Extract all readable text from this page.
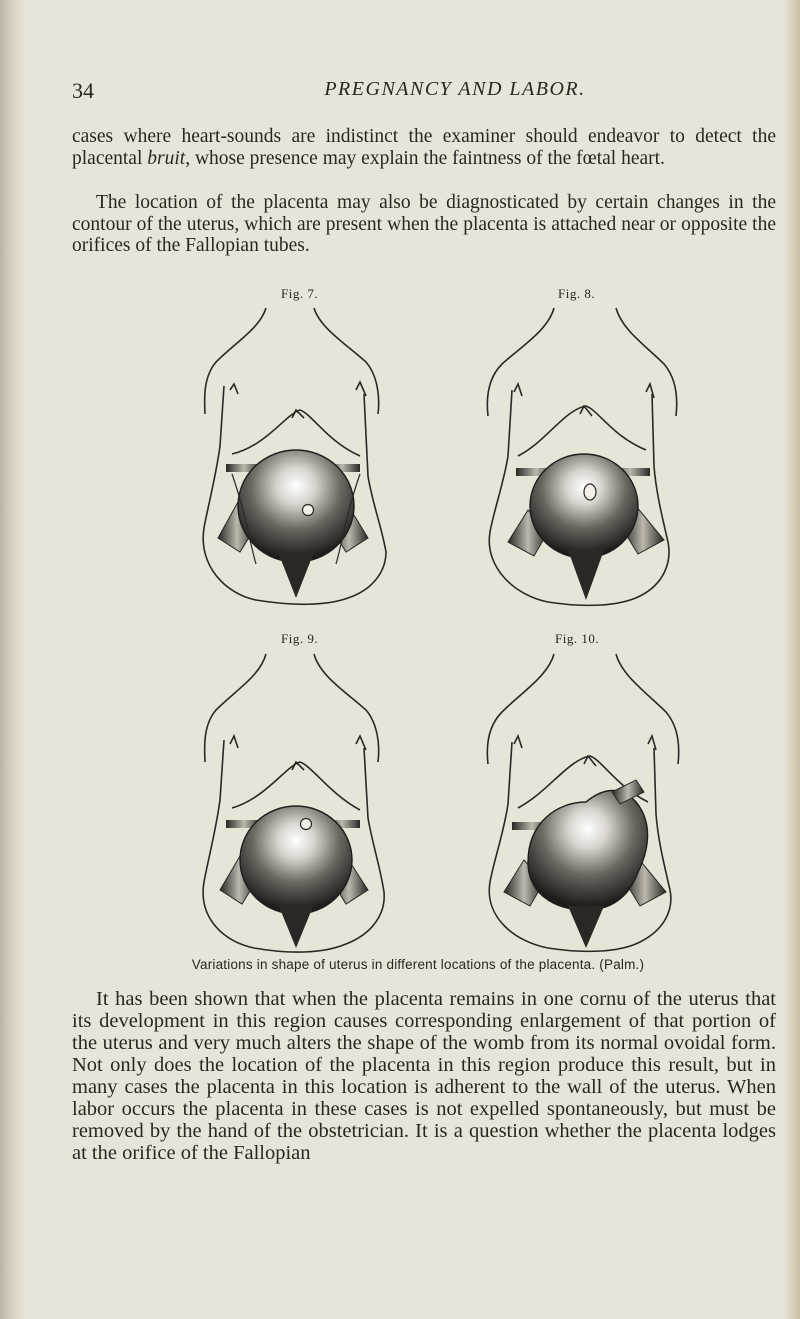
34	PREGNANCY AND LABOR.
cases where heart-sounds are indistinct the examiner should endeavor to detect the placental bruit, whose presence may explain the faintness of the fœtal heart.
The location of the placenta may also be diagnosticated by certain changes in the contour of the uterus, which are present when the placenta is attached near or opposite the orifices of the Fallopian tubes.
Fig. 7.	Fig. 8.
Fig. 9.	Fig. 10.
Variations in shape of uterus in different locations of the placenta. (Palm.)
It has been shown that when the placenta remains in one cornu of the uterus that its development in this region causes corresponding enlargement of that portion of the uterus and very much alters the shape of the womb from its normal ovoidal form. Not only does the location of the placenta in this region produce this result, but in many cases the placenta in this location is adherent to the wall of the uterus. When labor occurs the placenta in these cases is not expelled spontaneously, but must be removed by the hand of the obstetrician. It is a question whether the placenta lodges at the orifice of the Fallopian
